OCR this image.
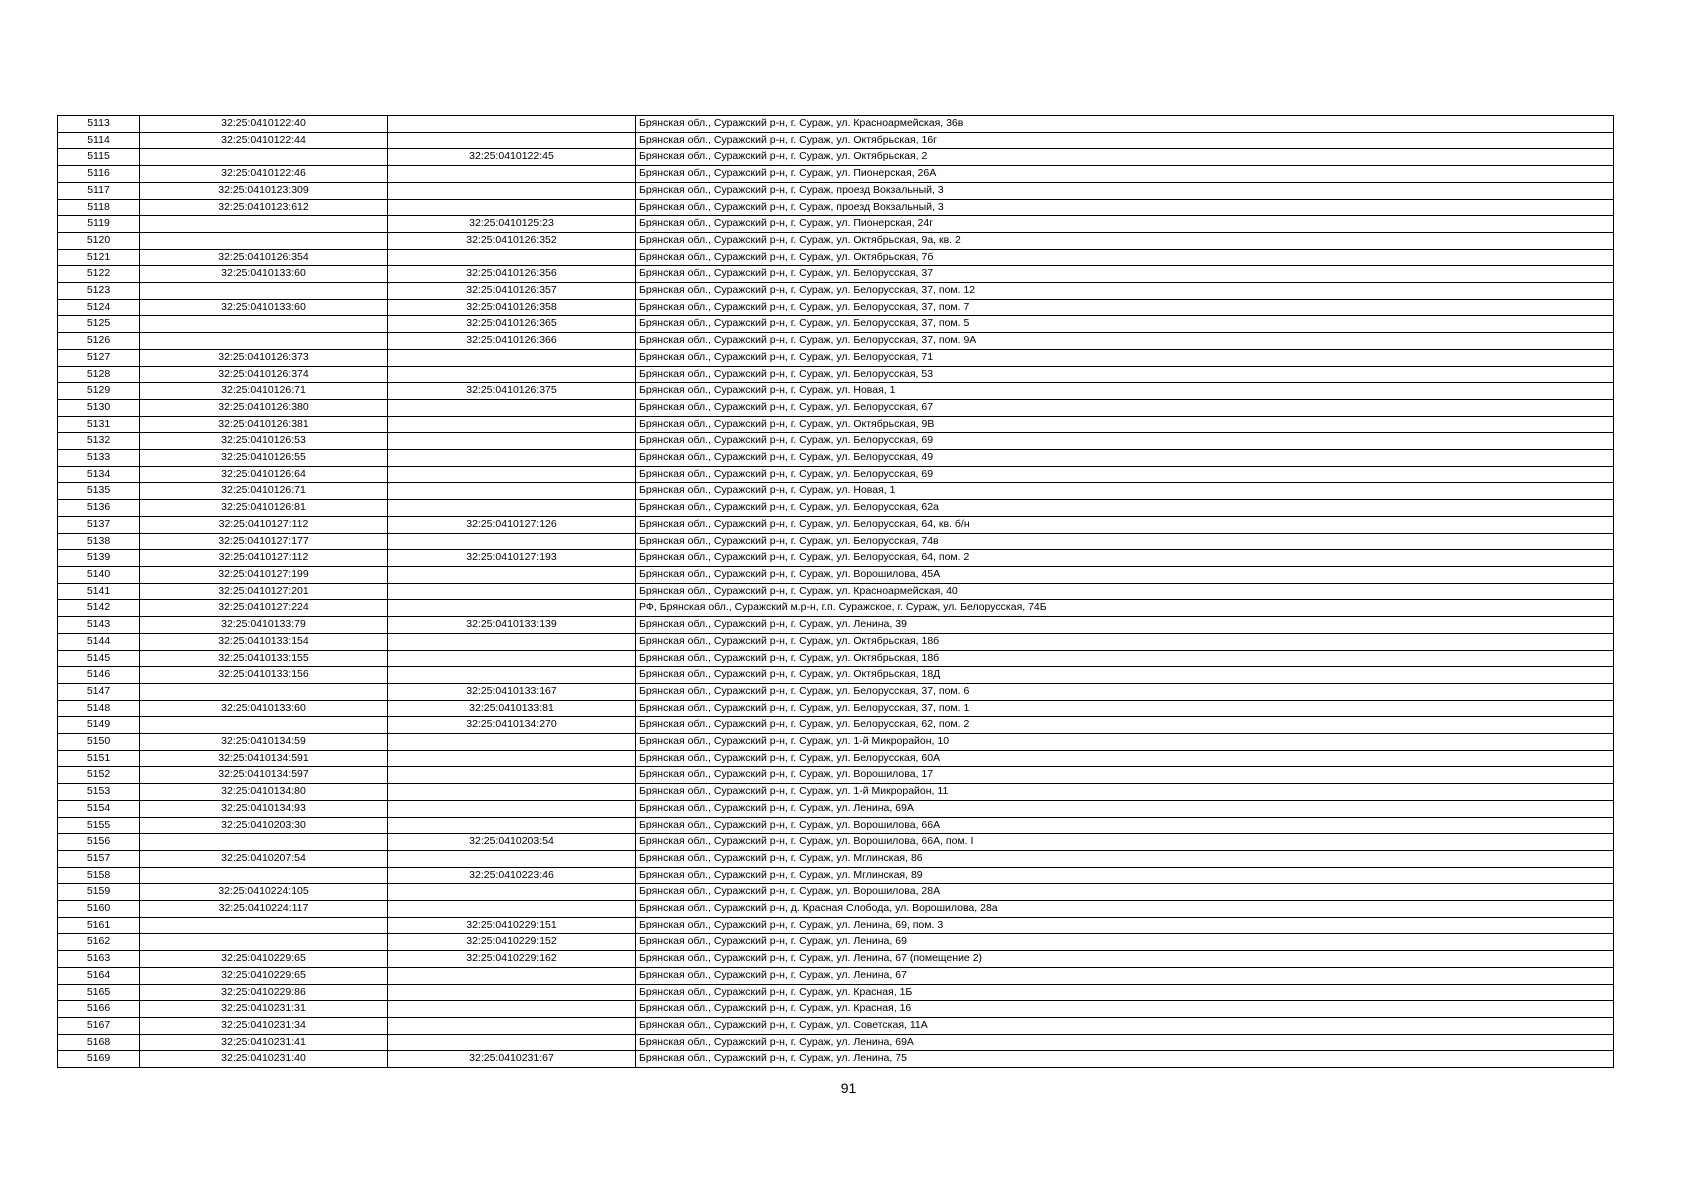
5113	32:25:0410122:40		Брянская обл., Суражский р-н, г. Сураж, ул. Красноармейская, 36в
5114	32:25:0410122:44		Брянская обл., Суражский р-н, г. Сураж, ул. Октябрьская, 16г
5115		32:25:0410122:45	Брянская обл., Суражский р-н, г. Сураж, ул. Октябрьская, 2
5116	32:25:0410122:46		Брянская обл., Суражский р-н, г. Сураж, ул. Пионерская, 26А
5117	32:25:0410123:309		Брянская обл., Суражский р-н, г. Сураж, проезд Вокзальный, 3
5118	32:25:0410123:612		Брянская обл., Суражский р-н, г. Сураж, проезд Вокзальный, 3
5119		32:25:0410125:23	Брянская обл., Суражский р-н, г. Сураж, ул. Пионерская, 24г
5120		32:25:0410126:352	Брянская обл., Суражский р-н, г. Сураж, ул. Октябрьская, 9а, кв. 2
5121	32:25:0410126:354		Брянская обл., Суражский р-н, г. Сураж, ул. Октябрьская, 7б
5122	32:25:0410133:60	32:25:0410126:356	Брянская обл., Суражский р-н, г. Сураж, ул. Белорусская, 37
5123		32:25:0410126:357	Брянская обл., Суражский р-н, г. Сураж, ул. Белорусская, 37, пом. 12
5124	32:25:0410133:60	32:25:0410126:358	Брянская обл., Суражский р-н, г. Сураж, ул. Белорусская, 37, пом. 7
5125		32:25:0410126:365	Брянская обл., Суражский р-н, г. Сураж, ул. Белорусская, 37, пом. 5
5126		32:25:0410126:366	Брянская обл., Суражский р-н, г. Сураж, ул. Белорусская, 37, пом. 9А
5127	32:25:0410126:373		Брянская обл., Суражский р-н, г. Сураж, ул. Белорусская, 71
5128	32:25:0410126:374		Брянская обл., Суражский р-н, г. Сураж, ул. Белорусская, 53
5129	32:25:0410126:71	32:25:0410126:375	Брянская обл., Суражский р-н, г. Сураж, ул. Новая, 1
5130	32:25:0410126:380		Брянская обл., Суражский р-н, г. Сураж, ул. Белорусская, 67
5131	32:25:0410126:381		Брянская обл., Суражский р-н, г. Сураж, ул. Октябрьская, 9В
5132	32:25:0410126:53		Брянская обл., Суражский р-н, г. Сураж, ул. Белорусская, 69
5133	32:25:0410126:55		Брянская обл., Суражский р-н, г. Сураж, ул. Белорусская, 49
5134	32:25:0410126:64		Брянская обл., Суражский р-н, г. Сураж, ул. Белорусская, 69
5135	32:25:0410126:71		Брянская обл., Суражский р-н, г. Сураж, ул. Новая, 1
5136	32:25:0410126:81		Брянская обл., Суражский р-н, г. Сураж, ул. Белорусская, 62а
5137	32:25:0410127:112	32:25:0410127:126	Брянская обл., Суражский р-н, г. Сураж, ул. Белорусская, 64, кв. б/н
5138	32:25:0410127:177		Брянская обл., Суражский р-н, г. Сураж, ул. Белорусская, 74в
5139	32:25:0410127:112	32:25:0410127:193	Брянская обл., Суражский р-н, г. Сураж, ул. Белорусская, 64, пом. 2
5140	32:25:0410127:199		Брянская обл., Суражский р-н, г. Сураж, ул. Ворошилова, 45А
5141	32:25:0410127:201		Брянская обл., Суражский р-н, г. Сураж, ул. Красноармейская, 40
5142	32:25:0410127:224		РФ, Брянская обл., Суражский м.р-н, г.п. Суражское, г. Сураж, ул. Белорусская, 74Б
5143	32:25:0410133:79	32:25:0410133:139	Брянская обл., Суражский р-н, г. Сураж, ул. Ленина, 39
5144	32:25:0410133:154		Брянская обл., Суражский р-н, г. Сураж, ул. Октябрьская, 18б
5145	32:25:0410133:155		Брянская обл., Суражский р-н, г. Сураж, ул. Октябрьская, 18б
5146	32:25:0410133:156		Брянская обл., Суражский р-н, г. Сураж, ул. Октябрьская, 18Д
5147		32:25:0410133:167	Брянская обл., Суражский р-н, г. Сураж, ул. Белорусская, 37, пом. 6
5148	32:25:0410133:60	32:25:0410133:81	Брянская обл., Суражский р-н, г. Сураж, ул. Белорусская, 37, пом. 1
5149		32:25:0410134:270	Брянская обл., Суражский р-н, г. Сураж, ул. Белорусская, 62, пом. 2
5150	32:25:0410134:59		Брянская обл., Суражский р-н, г. Сураж, ул. 1-й Микрорайон, 10
5151	32:25:0410134:591		Брянская обл., Суражский р-н, г. Сураж, ул. Белорусская, 60А
5152	32:25:0410134:597		Брянская обл., Суражский р-н, г. Сураж, ул. Ворошилова, 17
5153	32:25:0410134:80		Брянская обл., Суражский р-н, г. Сураж, ул. 1-й Микрорайон, 11
5154	32:25:0410134:93		Брянская обл., Суражский р-н, г. Сураж, ул. Ленина, 69А
5155	32:25:0410203:30		Брянская обл., Суражский р-н, г. Сураж, ул. Ворошилова, 66А
5156		32:25:0410203:54	Брянская обл., Суражский р-н, г. Сураж, ул. Ворошилова, 66А, пом. I
5157	32:25:0410207:54		Брянская обл., Суражский р-н, г. Сураж, ул. Мглинская, 86
5158		32:25:0410223:46	Брянская обл., Суражский р-н, г. Сураж, ул. Мглинская, 89
5159	32:25:0410224:105		Брянская обл., Суражский р-н, г. Сураж, ул. Ворошилова, 28А
5160	32:25:0410224:117		Брянская обл., Суражский р-н, д. Красная Слобода, ул. Ворошилова, 28а
5161		32:25:0410229:151	Брянская обл., Суражский р-н, г. Сураж, ул. Ленина, 69, пом. 3
5162		32:25:0410229:152	Брянская обл., Суражский р-н, г. Сураж, ул. Ленина, 69
5163	32:25:0410229:65	32:25:0410229:162	Брянская обл., Суражский р-н, г. Сураж, ул. Ленина, 67 (помещение 2)
5164	32:25:0410229:65		Брянская обл., Суражский р-н, г. Сураж, ул. Ленина, 67
5165	32:25:0410229:86		Брянская обл., Суражский р-н, г. Сураж, ул. Красная, 1Б
5166	32:25:0410231:31		Брянская обл., Суражский р-н, г. Сураж, ул. Красная, 16
5167	32:25:0410231:34		Брянская обл., Суражский р-н, г. Сураж, ул. Советская, 11А
5168	32:25:0410231:41		Брянская обл., Суражский р-н, г. Сураж, ул. Ленина, 69А
5169	32:25:0410231:40	32:25:0410231:67	Брянская обл., Суражский р-н, г. Сураж, ул. Ленина, 75
91
